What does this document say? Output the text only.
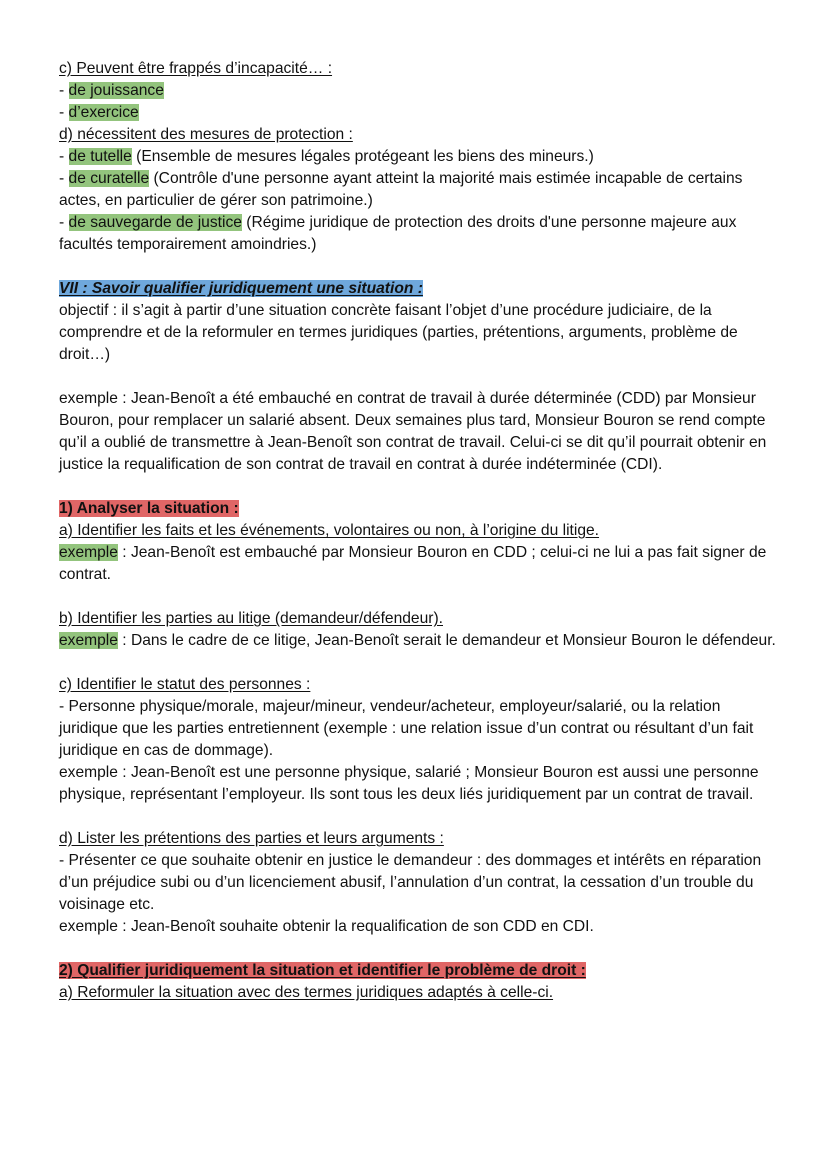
c) Peuvent être frappés d’incapacité… :

- de jouissance

- d’exercice

d) nécessitent des mesures de protection :

- de tutelle (Ensemble de mesures légales protégeant les biens des mineurs.)

- de curatelle (Contrôle d'une personne ayant atteint la majorité mais estimée incapable de certains actes, en particulier de gérer son patrimoine.)

- de sauvegarde de justice (Régime juridique de protection des droits d'une personne majeure aux facultés temporairement amoindries.)

VII : Savoir qualifier juridiquement une situation :

objectif : il s’agit à partir d’une situation concrète faisant l’objet d’une procédure judiciaire, de la comprendre et de la reformuler en termes juridiques (parties, prétentions, arguments, problème de droit…)

exemple : Jean-Benoît a été embauché en contrat de travail à durée déterminée (CDD) par Monsieur Bouron, pour remplacer un salarié absent. Deux semaines plus tard, Monsieur Bouron se rend compte qu’il a oublié de transmettre à Jean-Benoît son contrat de travail. Celui-ci se dit qu’il pourrait obtenir en justice la requalification de son contrat de travail en contrat à durée indéterminée (CDI).

1) Analyser la situation :

a) Identifier les faits et les événements, volontaires ou non, à l’origine du litige.

exemple : Jean-Benoît est embauché par Monsieur Bouron en CDD ; celui-ci ne lui a pas fait signer de contrat.

b) Identifier les parties au litige (demandeur/défendeur).

exemple : Dans le cadre de ce litige, Jean-Benoît serait le demandeur et Monsieur Bouron le défendeur.

c) Identifier le statut des personnes :

- Personne physique/morale, majeur/mineur, vendeur/acheteur, employeur/salarié, ou la relation juridique que les parties entretiennent (exemple : une relation issue d’un contrat ou résultant d’un fait juridique en cas de dommage).

exemple : Jean-Benoît est une personne physique, salarié ; Monsieur Bouron est aussi une personne physique, représentant l’employeur. Ils sont tous les deux liés juridiquement par un contrat de travail.

d) Lister les prétentions des parties et leurs arguments :

- Présenter ce que souhaite obtenir en justice le demandeur : des dommages et intérêts en réparation d’un préjudice subi ou d’un licenciement abusif, l’annulation d’un contrat, la cessation d’un trouble du voisinage etc.

exemple : Jean-Benoît souhaite obtenir la requalification de son CDD en CDI.

2) Qualifier juridiquement la situation et identifier le problème de droit :

a) Reformuler la situation avec des termes juridiques adaptés à celle-ci.
